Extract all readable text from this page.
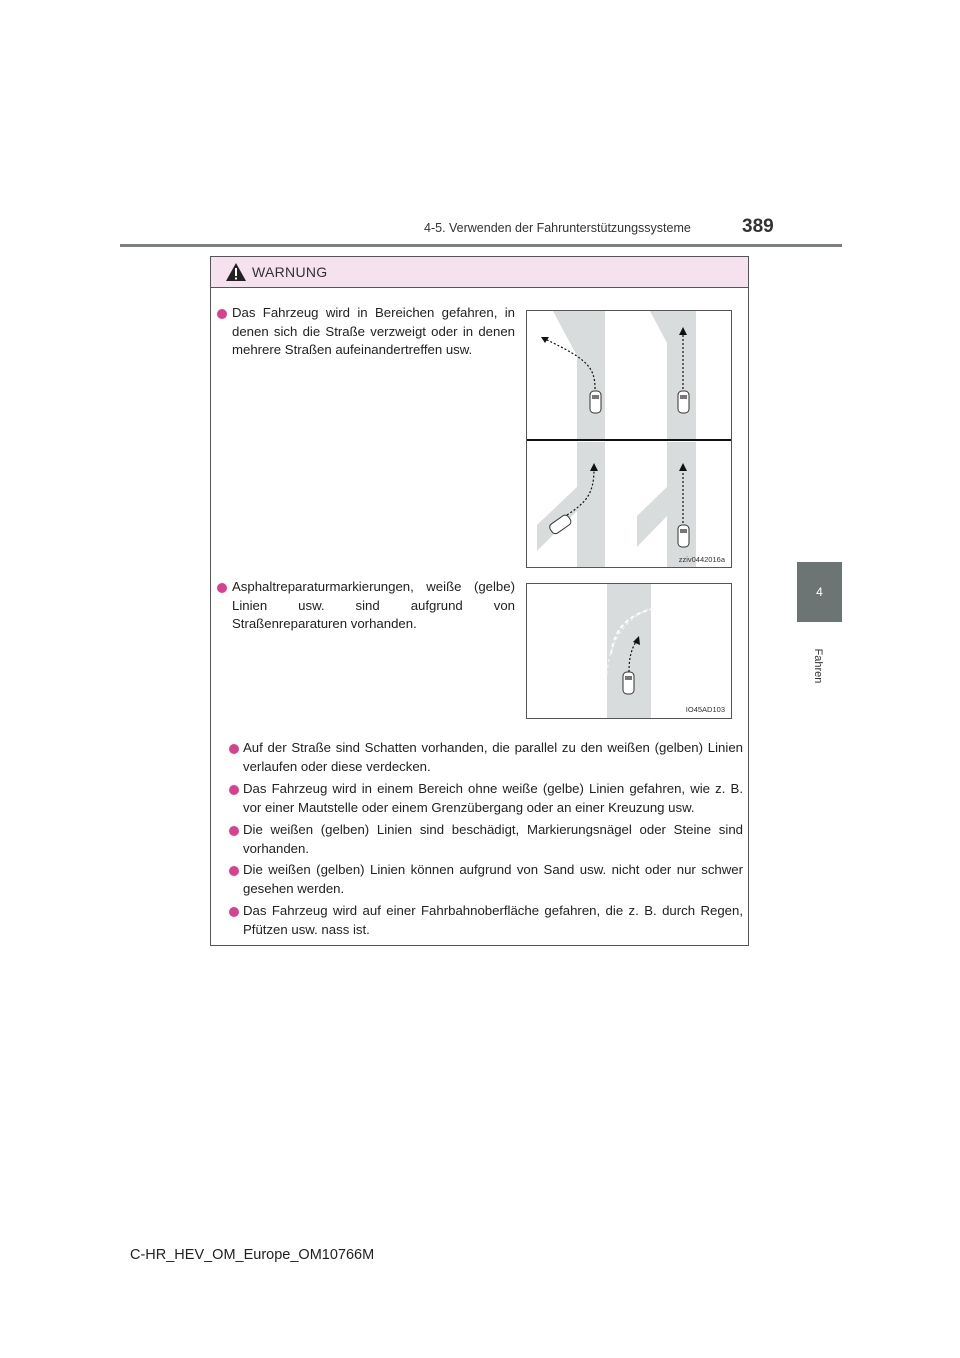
4-5. Verwenden der Fahrunterstützungssysteme	389
4
Fahren
WARNUNG
Das Fahrzeug wird in Bereichen gefahren, in denen sich die Straße verzweigt oder in denen mehrere Straßen aufeinandertreffen usw.
zziv0442016a
Asphaltreparaturmarkierungen, weiße (gelbe) Linien usw. sind aufgrund von Straßenreparaturen vorhanden.
IO45AD103
Auf der Straße sind Schatten vorhanden, die parallel zu den weißen (gelben) Linien verlaufen oder diese verdecken.
Das Fahrzeug wird in einem Bereich ohne weiße (gelbe) Linien gefahren, wie z. B. vor einer Mautstelle oder einem Grenzübergang oder an einer Kreuzung usw.
Die weißen (gelben) Linien sind beschädigt, Markierungsnägel oder Steine sind vorhanden.
Die weißen (gelben) Linien können aufgrund von Sand usw. nicht oder nur schwer gesehen werden.
Das Fahrzeug wird auf einer Fahrbahnoberfläche gefahren, die z. B. durch Regen, Pfützen usw. nass ist.
C-HR_HEV_OM_Europe_OM10766M
